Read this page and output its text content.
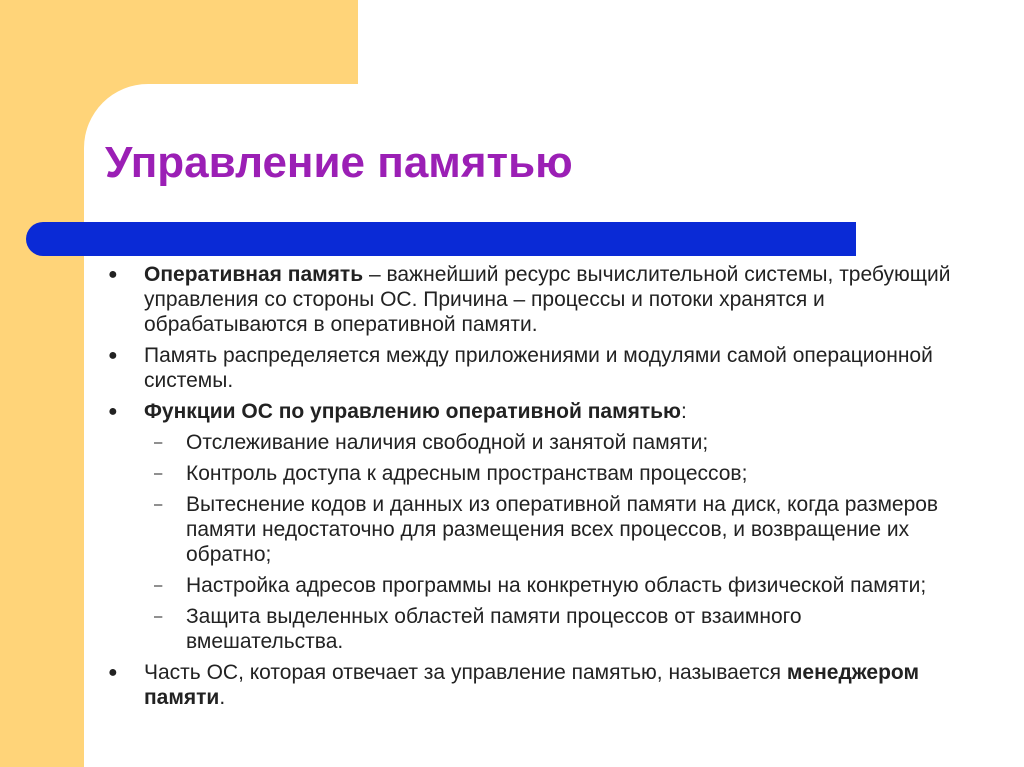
Управление памятью
● Оперативная память – важнейший ресурс вычислительной системы, требующий управления со стороны ОС. Причина – процессы и потоки хранятся и обрабатываются в оперативной памяти.
● Память распределяется между приложениями и модулями самой операционной системы.
● Функции ОС по управлению оперативной памятью:
– Отслеживание наличия свободной и занятой памяти;
– Контроль доступа к адресным пространствам процессов;
– Вытеснение кодов и данных из оперативной памяти на диск, когда размеров памяти недостаточно для размещения всех процессов, и возвращение их обратно;
– Настройка адресов программы на конкретную область физической памяти;
– Защита выделенных областей памяти процессов от взаимного вмешательства.
● Часть ОС, которая отвечает за управление памятью, называется менеджером памяти.
